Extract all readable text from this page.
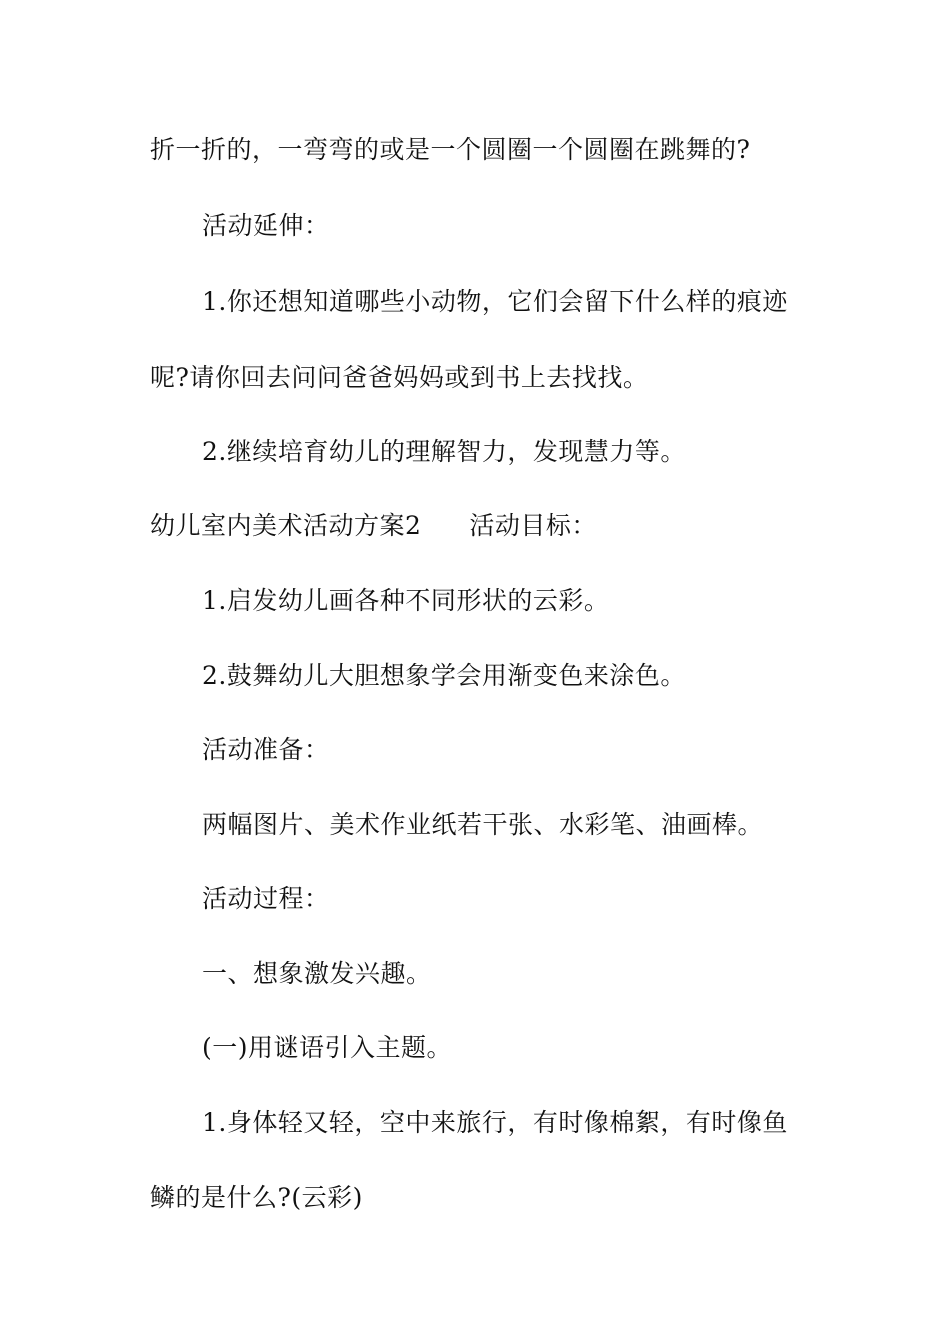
折一折的，一弯弯的或是一个圆圈一个圆圈在跳舞的?
活动延伸：
1.你还想知道哪些小动物，它们会留下什么样的痕迹
呢?请你回去问问爸爸妈妈或到书上去找找。
2.继续培育幼儿的理解智力，发现慧力等。
幼儿室内美术活动方案2 活动目标：
1.启发幼儿画各种不同形状的云彩。
2.鼓舞幼儿大胆想象学会用渐变色来涂色。
活动准备：
两幅图片、美术作业纸若干张、水彩笔、油画棒。
活动过程：
一、想象激发兴趣。
(一)用谜语引入主题。
1.身体轻又轻，空中来旅行，有时像棉絮，有时像鱼
鳞的是什么?(云彩)
